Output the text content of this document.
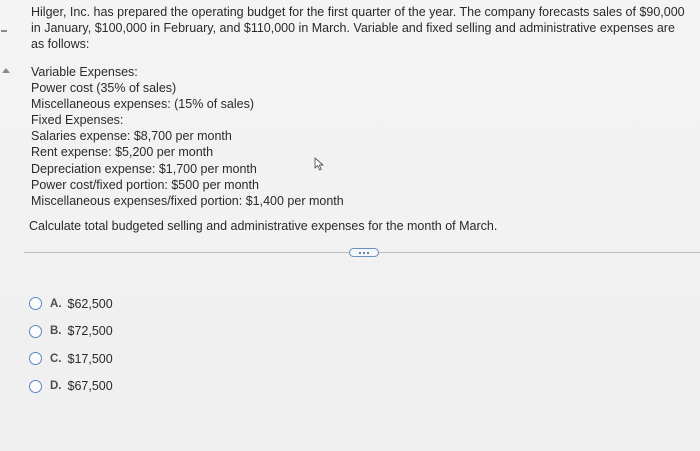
Hilger, Inc. has prepared the operating budget for the first quarter of the year. The company forecasts sales of $90,000 in January, $100,000 in February, and $110,000 in March. Variable and fixed selling and administrative expenses are as follows:

Variable Expenses:
Power cost (35% of sales)
Miscellaneous expenses: (15% of sales)
Fixed Expenses:
Salaries expense: $8,700 per month
Rent expense: $5,200 per month
Depreciation expense: $1,700 per month
Power cost/fixed portion: $500 per month
Miscellaneous expenses/fixed portion: $1,400 per month
Calculate total budgeted selling and administrative expenses for the month of March.
A. $62,500
B. $72,500
C. $17,500
D. $67,500
